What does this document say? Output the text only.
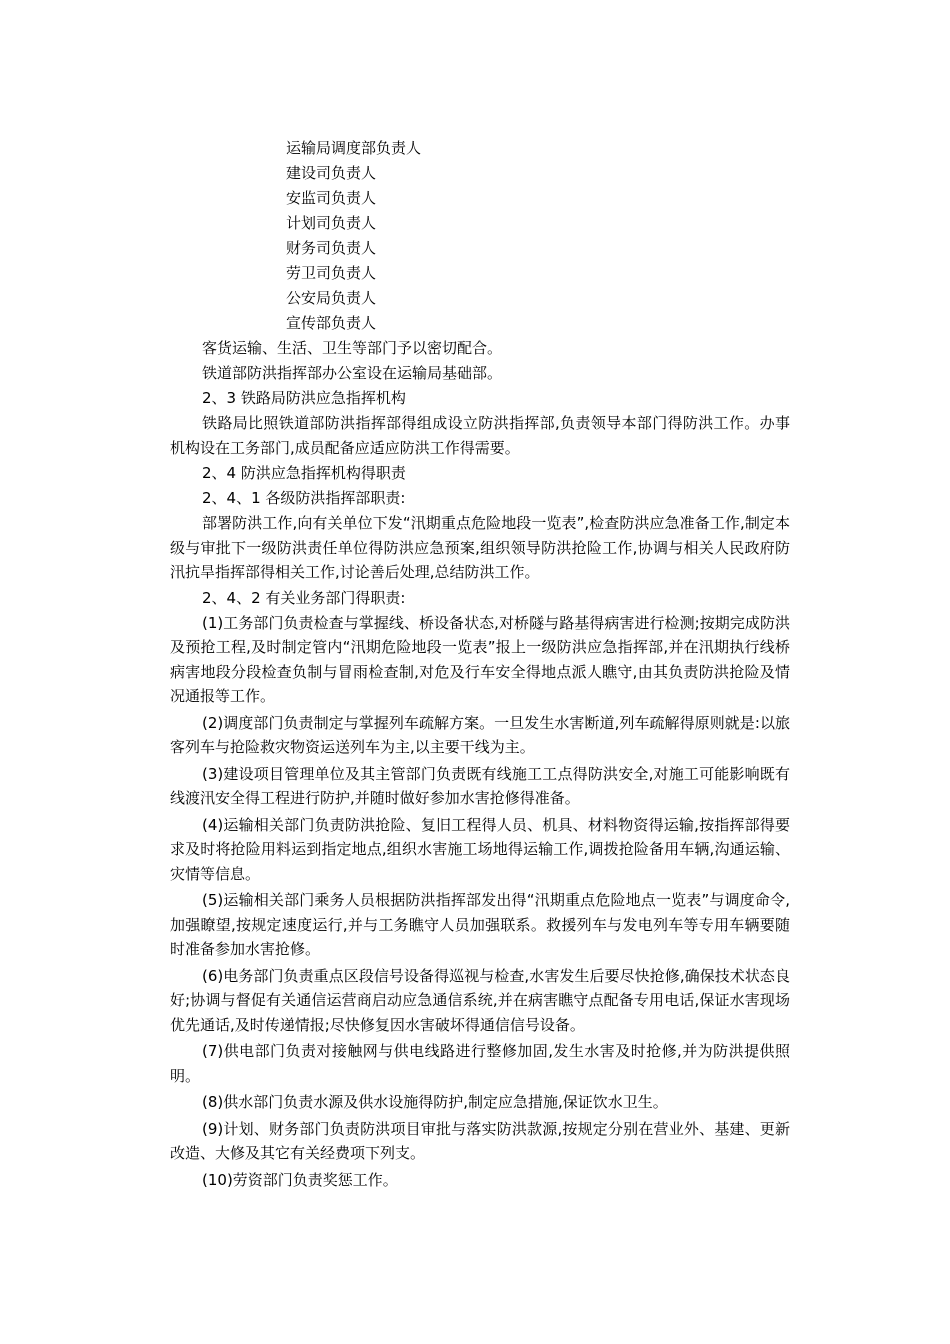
运输局调度部负责人
建设司负责人
安监司负责人
计划司负责人
财务司负责人
劳卫司负责人
公安局负责人
宣传部负责人
客货运输、生活、卫生等部门予以密切配合。
铁道部防洪指挥部办公室设在运输局基础部。
2、3 铁路局防洪应急指挥机构

铁路局比照铁道部防洪指挥部得组成设立防洪指挥部,负责领导本部门得防洪工作。办事机构设在工务部门,成员配备应适应防洪工作得需要。

2、4 防洪应急指挥机构得职责
2、4、1 各级防洪指挥部职责:

部署防洪工作,向有关单位下发“汛期重点危险地段一览表”,检查防洪应急准备工作,制定本级与审批下一级防洪责任单位得防洪应急预案,组织领导防洪抢险工作,协调与相关人民政府防汛抗旱指挥部得相关工作,讨论善后处理,总结防洪工作。

2、4、2 有关业务部门得职责:

(1)工务部门负责检查与掌握线、桥设备状态,对桥隧与路基得病害进行检测;按期完成防洪及预抢工程,及时制定管内“汛期危险地段一览表”报上一级防洪应急指挥部,并在汛期执行线桥病害地段分段检查负制与冒雨检查制,对危及行车安全得地点派人瞧守,由其负责防洪抢险及情况通报等工作。

(2)调度部门负责制定与掌握列车疏解方案。一旦发生水害断道,列车疏解得原则就是:以旅客列车与抢险救灾物资运送列车为主,以主要干线为主。

(3)建设项目管理单位及其主管部门负责既有线施工工点得防洪安全,对施工可能影响既有线渡汛安全得工程进行防护,并随时做好参加水害抢修得准备。

(4)运输相关部门负责防洪抢险、复旧工程得人员、机具、材料物资得运输,按指挥部得要求及时将抢险用料运到指定地点,组织水害施工场地得运输工作,调拨抢险备用车辆,沟通运输、灾情等信息。

(5)运输相关部门乘务人员根据防洪指挥部发出得“汛期重点危险地点一览表”与调度命令,加强瞭望,按规定速度运行,并与工务瞧守人员加强联系。救援列车与发电列车等专用车辆要随时准备参加水害抢修。

(6)电务部门负责重点区段信号设备得巡视与检查,水害发生后要尽快抢修,确保技术状态良好;协调与督促有关通信运营商启动应急通信系统,并在病害瞧守点配备专用电话,保证水害现场优先通话,及时传递情报;尽快修复因水害破坏得通信信号设备。

(7)供电部门负责对接触网与供电线路进行整修加固,发生水害及时抢修,并为防洪提供照明。

(8)供水部门负责水源及供水设施得防护,制定应急措施,保证饮水卫生。

(9)计划、财务部门负责防洪项目审批与落实防洪款源,按规定分别在营业外、基建、更新改造、大修及其它有关经费项下列支。

(10)劳资部门负责奖惩工作。
